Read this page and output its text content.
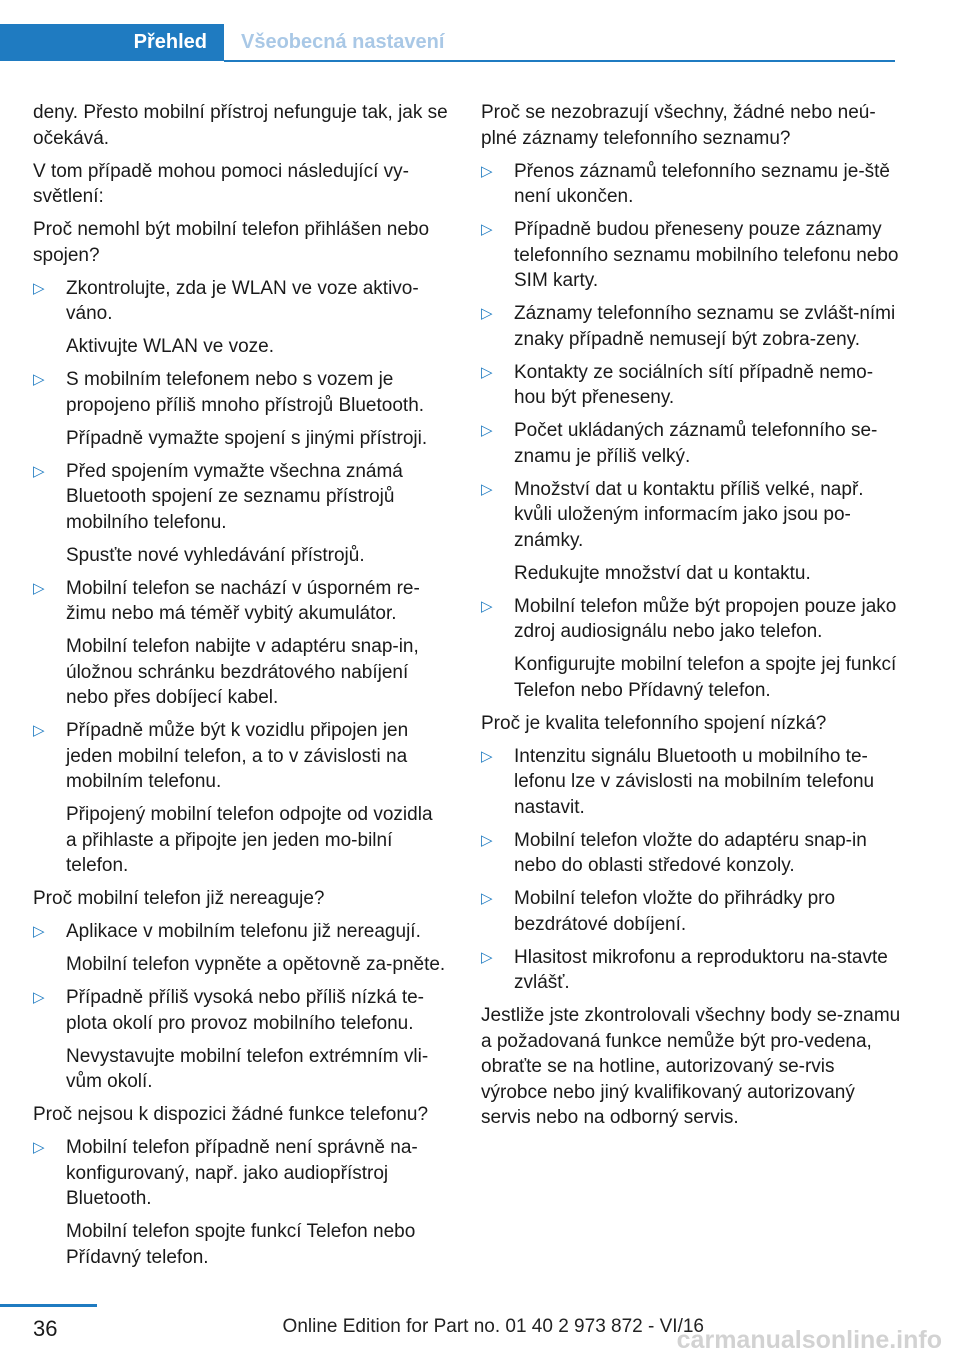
Přehled	Všeobecná nastavení
deny. Přesto mobilní přístroj nefunguje tak, jak se očekává.
V tom případě mohou pomoci následující vy‐světlení:
Proč nemohl být mobilní telefon přihlášen nebo spojen?
▷ Zkontrolujte, zda je WLAN ve voze aktivo‐váno.
Aktivujte WLAN ve voze.
▷ S mobilním telefonem nebo s vozem je propojeno příliš mnoho přístrojů Bluetooth.
Případně vymažte spojení s jinými přístroji.
▷ Před spojením vymažte všechna známá Bluetooth spojení ze seznamu přístrojů mobilního telefonu.
Spusťte nové vyhledávání přístrojů.
▷ Mobilní telefon se nachází v úsporném re‐žimu nebo má téměř vybitý akumulátor.
Mobilní telefon nabijte v adaptéru snap-in, úložnou schránku bezdrátového nabíjení nebo přes dobíjecí kabel.
▷ Případně může být k vozidlu připojen jen jeden mobilní telefon, a to v závislosti na mobilním telefonu.
Připojený mobilní telefon odpojte od vozidla a přihlaste a připojte jen jeden mo‐bilní telefon.
Proč mobilní telefon již nereaguje?
▷ Aplikace v mobilním telefonu již nereagují.
Mobilní telefon vypněte a opětovně za‐pněte.
▷ Případně příliš vysoká nebo příliš nízká te‐plota okolí pro provoz mobilního telefonu.
Nevystavujte mobilní telefon extrémním vli‐vům okolí.
Proč nejsou k dispozici žádné funkce telefonu?
▷ Mobilní telefon případně není správně na‐konfigurovaný, např. jako audiopřístroj Bluetooth.
Mobilní telefon spojte funkcí Telefon nebo Přídavný telefon.
Proč se nezobrazují všechny, žádné nebo neú‐plné záznamy telefonního seznamu?
▷ Přenos záznamů telefonního seznamu je‐ště není ukončen.
▷ Případně budou přeneseny pouze záznamy telefonního seznamu mobilního telefonu nebo SIM karty.
▷ Záznamy telefonního seznamu se zvlášt‐ními znaky případně nemusejí být zobra‐zeny.
▷ Kontakty ze sociálních sítí případně nemo‐hou být přeneseny.
▷ Počet ukládaných záznamů telefonního se‐znamu je příliš velký.
▷ Množství dat u kontaktu příliš velké, např. kvůli uloženým informacím jako jsou po‐známky.
Redukujte množství dat u kontaktu.
▷ Mobilní telefon může být propojen pouze jako zdroj audiosignálu nebo jako telefon.
Konfigurujte mobilní telefon a spojte jej funkcí Telefon nebo Přídavný telefon.
Proč je kvalita telefonního spojení nízká?
▷ Intenzitu signálu Bluetooth u mobilního te‐lefonu lze v závislosti na mobilním telefonu nastavit.
▷ Mobilní telefon vložte do adaptéru snap-in nebo do oblasti středové konzoly.
▷ Mobilní telefon vložte do přihrádky pro bezdrátové dobíjení.
▷ Hlasitost mikrofonu a reproduktoru na‐stavte zvlášť.
Jestliže jste zkontrolovali všechny body se‐znamu a požadovaná funkce nemůže být pro‐vedena, obraťte se na hotline, autorizovaný se‐rvis výrobce nebo jiný kvalifikovaný autorizovaný servis nebo na odborný servis.
36	Online Edition for Part no. 01 40 2 973 872 - VI/16
carmanualsonline.info
